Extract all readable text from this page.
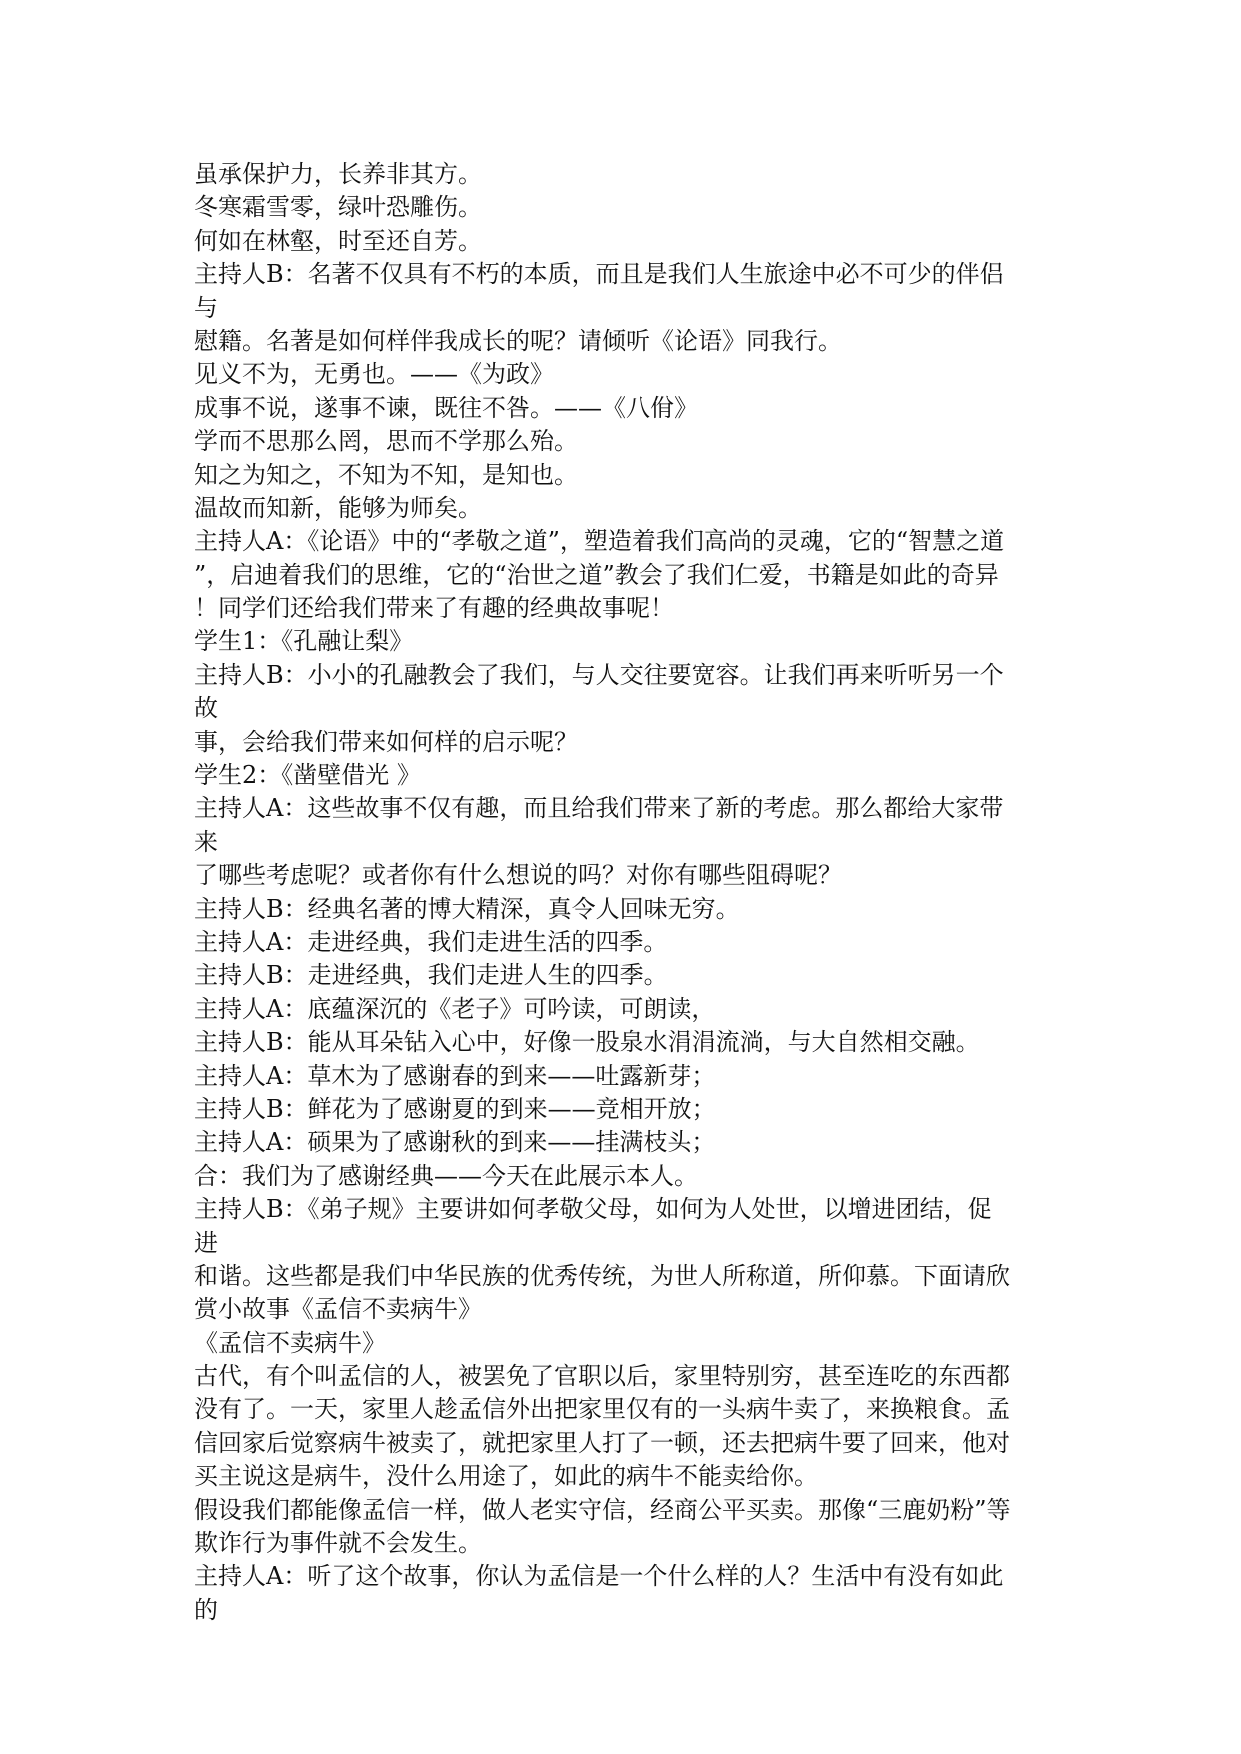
虽承保护力，长养非其方。
冬寒霜雪零，绿叶恐雕伤。
何如在林壑，时至还自芳。
主持人B：名著不仅具有不朽的本质，而且是我们人生旅途中必不可少的伴侣
与
慰籍。名著是如何样伴我成长的呢？请倾听《论语》同我行。
见义不为，无勇也。——《为政》
成事不说，遂事不谏，既往不咎。——《八佾》
学而不思那么罔，思而不学那么殆。
知之为知之，不知为不知，是知也。
温故而知新，能够为师矣。
主持人A：《论语》中的“孝敬之道”，塑造着我们高尚的灵魂，它的“智慧之道
”，启迪着我们的思维，它的“治世之道”教会了我们仁爱，书籍是如此的奇异
！同学们还给我们带来了有趣的经典故事呢！
学生1：《孔融让梨》
主持人B：小小的孔融教会了我们，与人交往要宽容。让我们再来听听另一个
故
事，会给我们带来如何样的启示呢？
学生2：《凿壁借光 》
主持人A：这些故事不仅有趣，而且给我们带来了新的考虑。那么都给大家带
来
了哪些考虑呢？或者你有什么想说的吗？对你有哪些阻碍呢？
主持人B：经典名著的博大精深，真令人回味无穷。
主持人A：走进经典，我们走进生活的四季。
主持人B：走进经典，我们走进人生的四季。
主持人A：底蕴深沉的《老子》可吟读，可朗读，
主持人B：能从耳朵钻入心中，好像一股泉水涓涓流淌，与大自然相交融。
主持人A：草木为了感谢春的到来——吐露新芽；
主持人B：鲜花为了感谢夏的到来——竞相开放；
主持人A：硕果为了感谢秋的到来——挂满枝头；
合：我们为了感谢经典——今天在此展示本人。
主持人B：《弟子规》主要讲如何孝敬父母，如何为人处世，以增进团结，促
进
和谐。这些都是我们中华民族的优秀传统，为世人所称道，所仰慕。下面请欣
赏小故事《孟信不卖病牛》
《孟信不卖病牛》
古代，有个叫孟信的人，被罢免了官职以后，家里特别穷，甚至连吃的东西都
没有了。一天，家里人趁孟信外出把家里仅有的一头病牛卖了，来换粮食。孟
信回家后觉察病牛被卖了，就把家里人打了一顿，还去把病牛要了回来，他对
买主说这是病牛，没什么用途了，如此的病牛不能卖给你。
假设我们都能像孟信一样，做人老实守信，经商公平买卖。那像“三鹿奶粉”等
欺诈行为事件就不会发生。
主持人A：听了这个故事，你认为孟信是一个什么样的人？生活中有没有如此
的
